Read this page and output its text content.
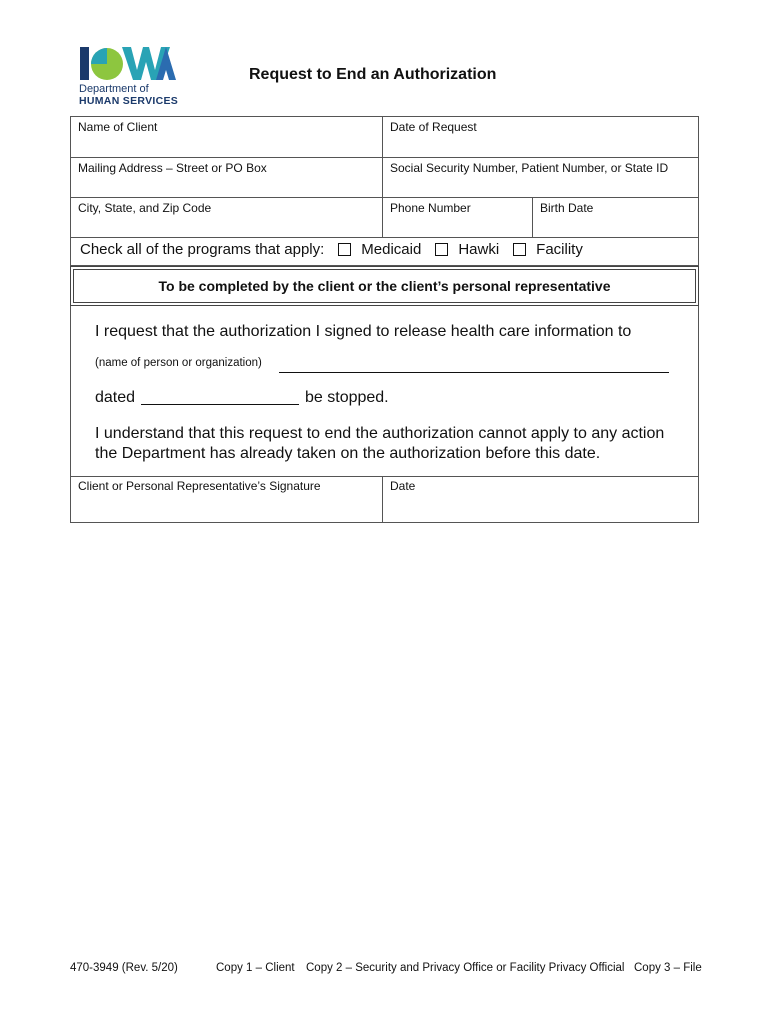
Department of
HUMAN SERVICES
Request to End an Authorization
Name of Client	Date of Request
Mailing Address – Street or PO Box	Social Security Number, Patient Number, or State ID
City, State, and Zip Code	Phone Number	Birth Date
Check all of the programs that apply: Medicaid Hawki Facility
To be completed by the client or the client’s personal representative
I request that the authorization I signed to release health care information to
(name of person or organization)
dated	be stopped.
I understand that this request to end the authorization cannot apply to any action the Department has already taken on the authorization before this date.
Client or Personal Representative’s Signature	Date
470-3949 (Rev. 5/20)	Copy 1 – Client Copy 2 – Security and Privacy Office or Facility Privacy Official Copy 3 – File
